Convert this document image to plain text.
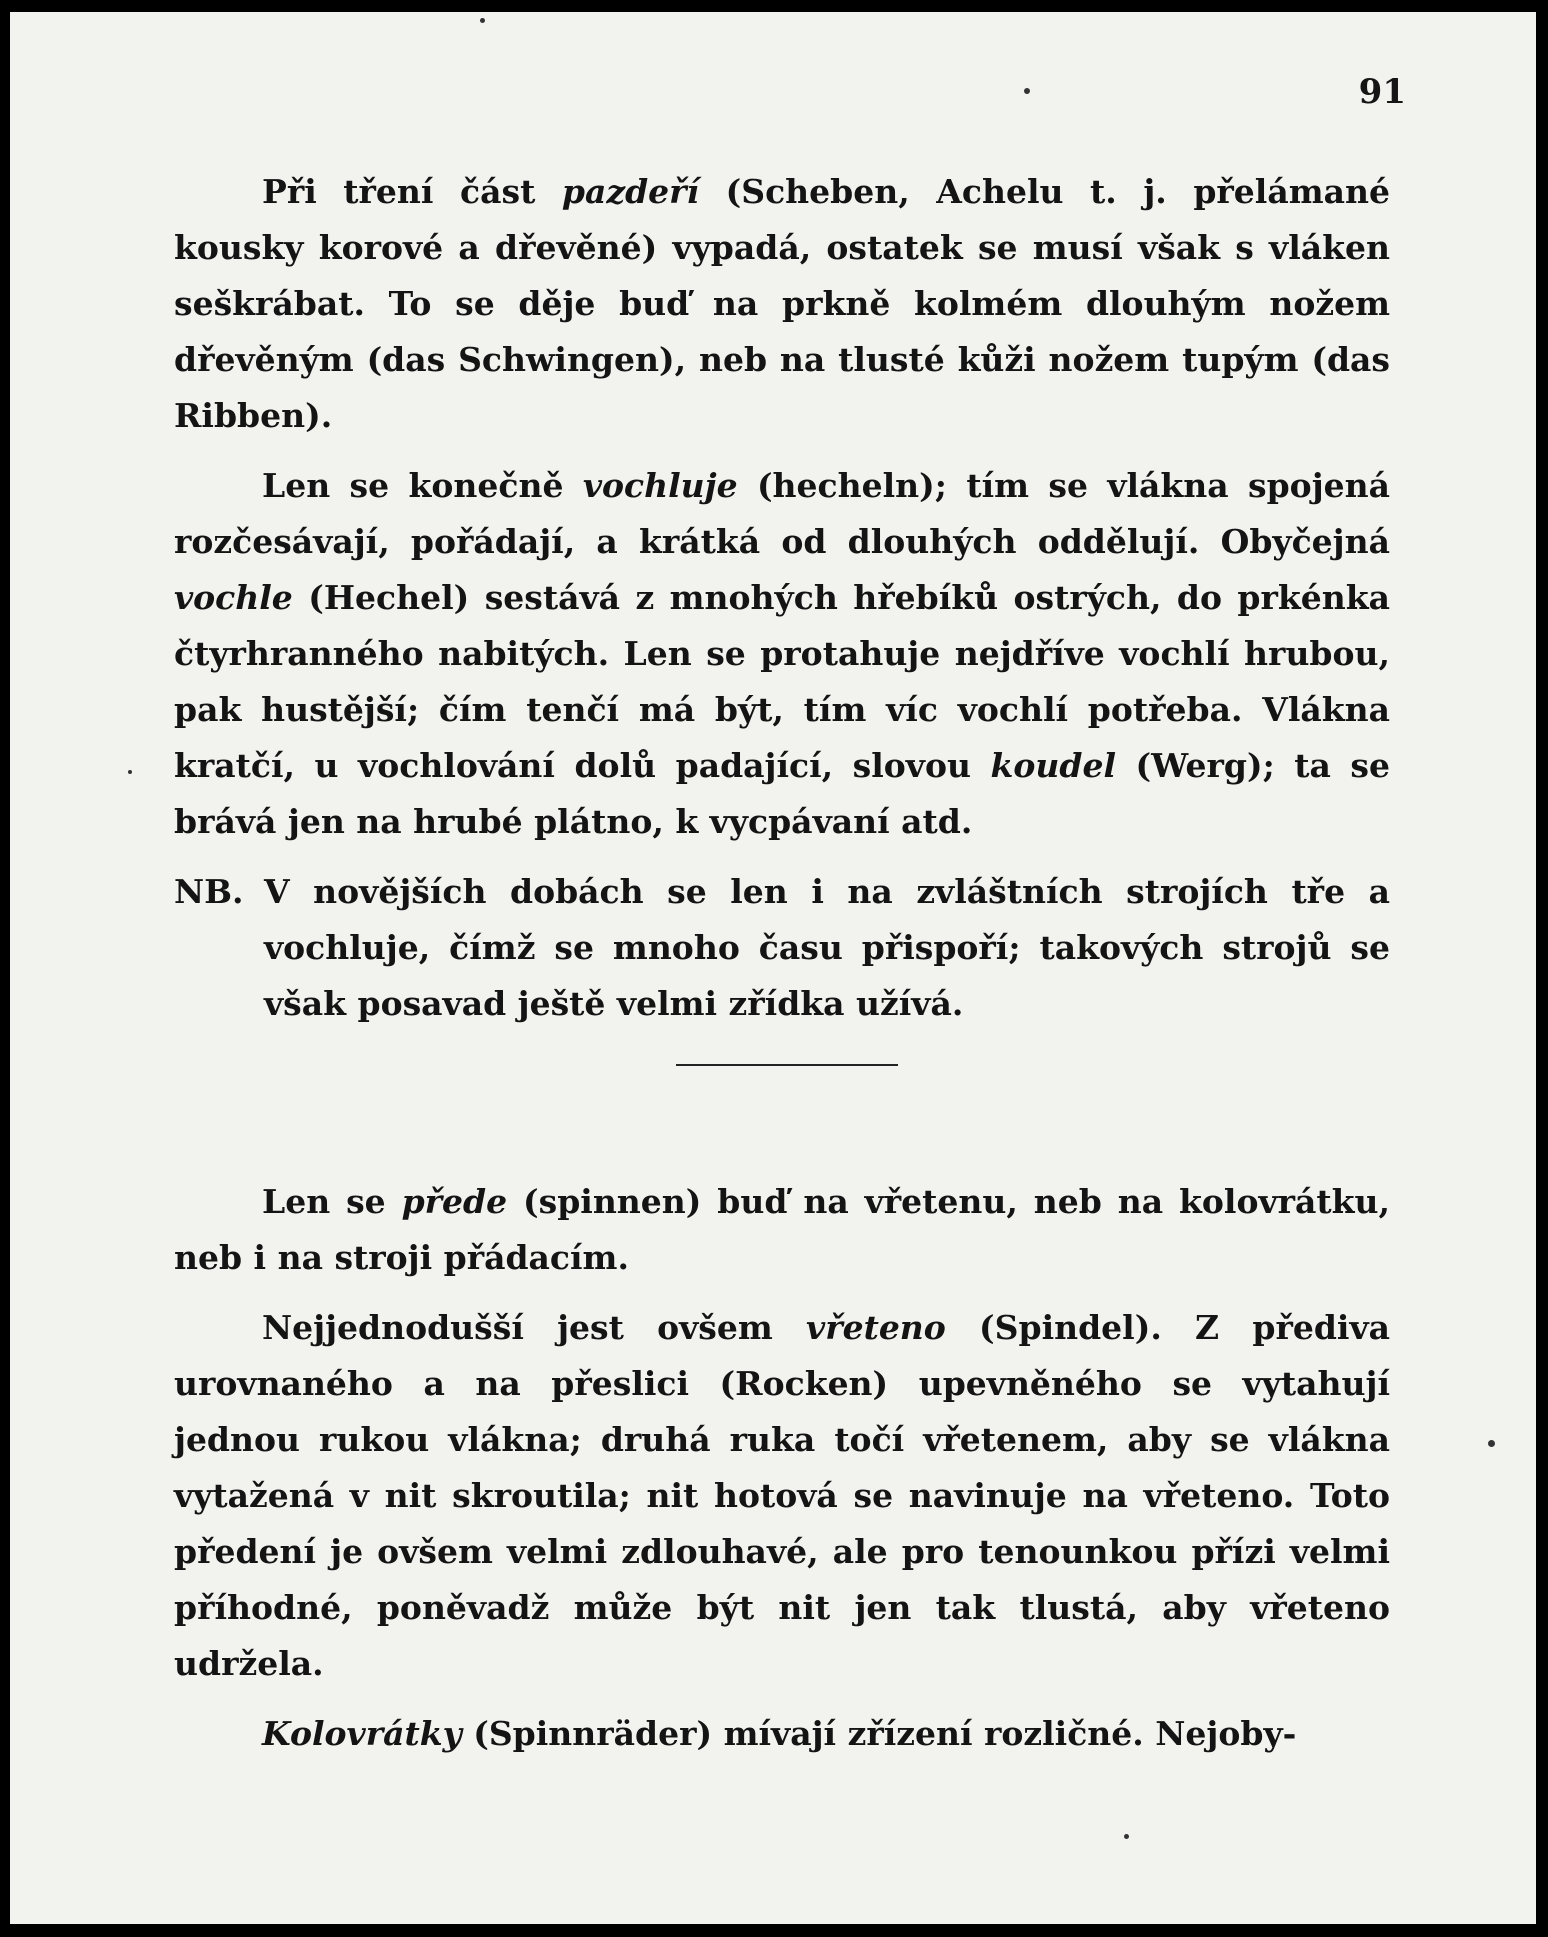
91

Při tření část pazdeří (Scheben, Achelu t. j. přelámané kousky korové a dřevěné) vypadá, ostatek se musí však s vláken seškrábat. To se děje buď na prkně kolmém dlouhým nožem dřevěným (das Schwingen), neb na tlusté kůži nožem tupým (das Ribben).

Len se konečně vochluje (hecheln); tím se vlákna spojená rozčesávají, pořádají, a krátká od dlouhých oddělují. Obyčejná vochle (Hechel) sestává z mnohých hřebíků ostrých, do prkénka čtyrhranného nabitých. Len se protahuje nejdříve vochlí hrubou, pak hustější; čím tenčí má být, tím víc vochlí potřeba. Vlákna kratčí, u vochlování dolů padající, slovou koudel (Werg); ta se brává jen na hrubé plátno, k vycpávaní atd.

NB. V novějších dobách se len i na zvláštních strojích tře a vochluje, čímž se mnoho času přispoří; takových strojů se však posavad ještě velmi zřídka užívá.

Len se přede (spinnen) buď na vřetenu, neb na kolovrátku, neb i na stroji přádacím.

Nejjednodušší jest ovšem vřeteno (Spindel). Z přediva urovnaného a na přeslici (Rocken) upevněného se vytahují jednou rukou vlákna; druhá ruka točí vřetenem, aby se vlákna vytažená v nit skroutila; nit hotová se navinuje na vřeteno. Toto předení je ovšem velmi zdlouhavé, ale pro tenounkou přízi velmi příhodné, poněvadž může být nit jen tak tlustá, aby vřeteno udržela.

Kolovrátky (Spinnräder) mívají zřízení rozličné. Nejoby-
